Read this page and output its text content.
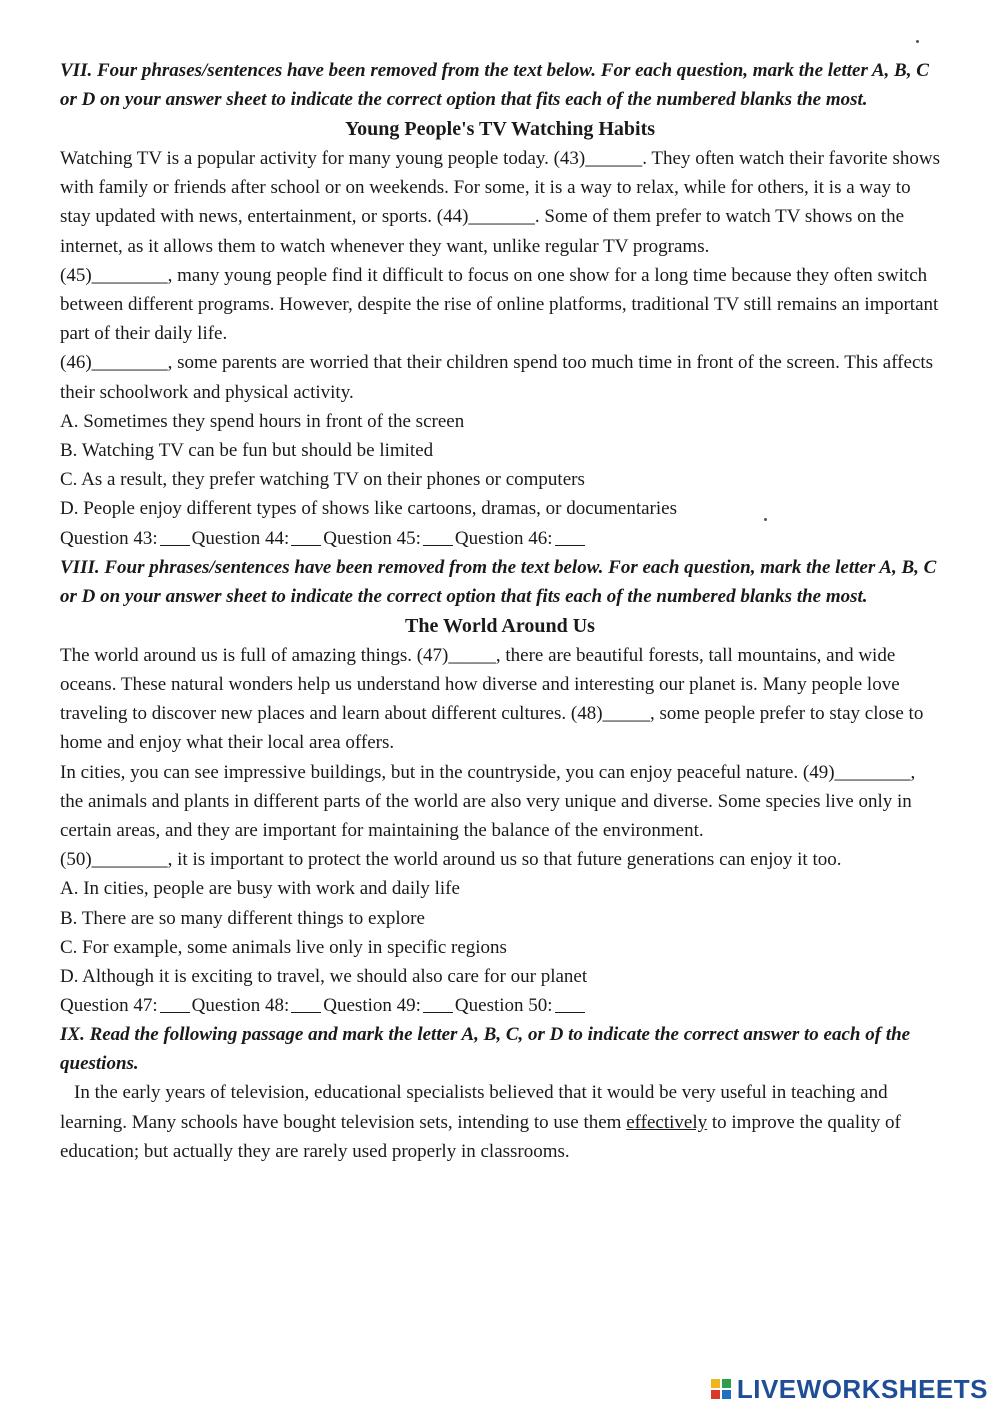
VII. Four phrases/sentences have been removed from the text below. For each question, mark the letter A, B, C or D on your answer sheet to indicate the correct option that fits each of the numbered blanks the most.
Young People's TV Watching Habits

Watching TV is a popular activity for many young people today. (43)______. They often watch their favorite shows with family or friends after school or on weekends. For some, it is a way to relax, while for others, it is a way to stay updated with news, entertainment, or sports. (44)_______. Some of them prefer to watch TV shows on the internet, as it allows them to watch whenever they want, unlike regular TV programs.

(45)________, many young people find it difficult to focus on one show for a long time because they often switch between different programs. However, despite the rise of online platforms, traditional TV still remains an important part of their daily life.

(46)________, some parents are worried that their children spend too much time in front of the screen. This affects their schoolwork and physical activity.

A. Sometimes they spend hours in front of the screen

B. Watching TV can be fun but should be limited

C. As a result, they prefer watching TV on their phones or computers

D. People enjoy different types of shows like cartoons, dramas, or documentaries

Question 43: Question 44: Question 45: Question 46:

VIII. Four phrases/sentences have been removed from the text below. For each question, mark the letter A, B, C or D on your answer sheet to indicate the correct option that fits each of the numbered blanks the most.
The World Around Us

The world around us is full of amazing things. (47)_____, there are beautiful forests, tall mountains, and wide oceans. These natural wonders help us understand how diverse and interesting our planet is. Many people love traveling to discover new places and learn about different cultures. (48)_____, some people prefer to stay close to home and enjoy what their local area offers.

In cities, you can see impressive buildings, but in the countryside, you can enjoy peaceful nature. (49)________, the animals and plants in different parts of the world are also very unique and diverse. Some species live only in certain areas, and they are important for maintaining the balance of the environment.

(50)________, it is important to protect the world around us so that future generations can enjoy it too.

A. In cities, people are busy with work and daily life

B. There are so many different things to explore

C. For example, some animals live only in specific regions

D. Although it is exciting to travel, we should also care for our planet

Question 47: Question 48: Question 49: Question 50:

IX. Read the following passage and mark the letter A, B, C, or D to indicate the correct answer to each of the questions.

In the early years of television, educational specialists believed that it would be very useful in teaching and learning. Many schools have bought television sets, intending to use them effectively to improve the quality of education; but actually they are rarely used properly in classrooms.

LIVEWORKSHEETS
